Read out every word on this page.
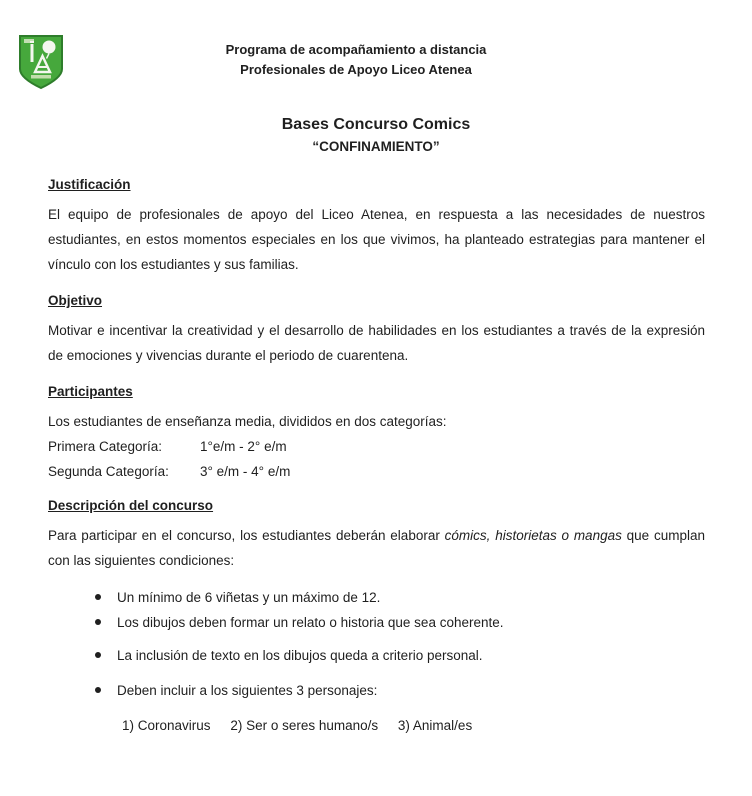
Programa de acompañamiento a distancia
Profesionales de Apoyo Liceo Atenea
Bases Concurso Comics
“CONFINAMIENTO”
Justificación

El equipo de profesionales de apoyo del Liceo Atenea, en respuesta a las necesidades de nuestros estudiantes, en estos momentos especiales en los que vivimos, ha planteado estrategias para mantener el vínculo con los estudiantes y sus familias.

Objetivo

Motivar e incentivar la creatividad y el desarrollo de habilidades en los estudiantes a través de la expresión de emociones y vivencias durante el periodo de cuarentena.

Participantes
Los estudiantes de enseñanza media, divididos en dos categorías:
Primera Categoría:	1°e/m - 2° e/m
Segunda Categoría:	3° e/m - 4° e/m
Descripción del concurso

Para participar en el concurso, los estudiantes deberán elaborar cómics, historietas o mangas que cumplan con las siguientes condiciones:

Un mínimo de 6 viñetas y un máximo de 12.
Los dibujos deben formar un relato o historia que sea coherente.
La inclusión de texto en los dibujos queda a criterio personal.
Deben incluir a los siguientes 3 personajes:
1) Coronavirus 2) Ser o seres humano/s 3) Animal/es
